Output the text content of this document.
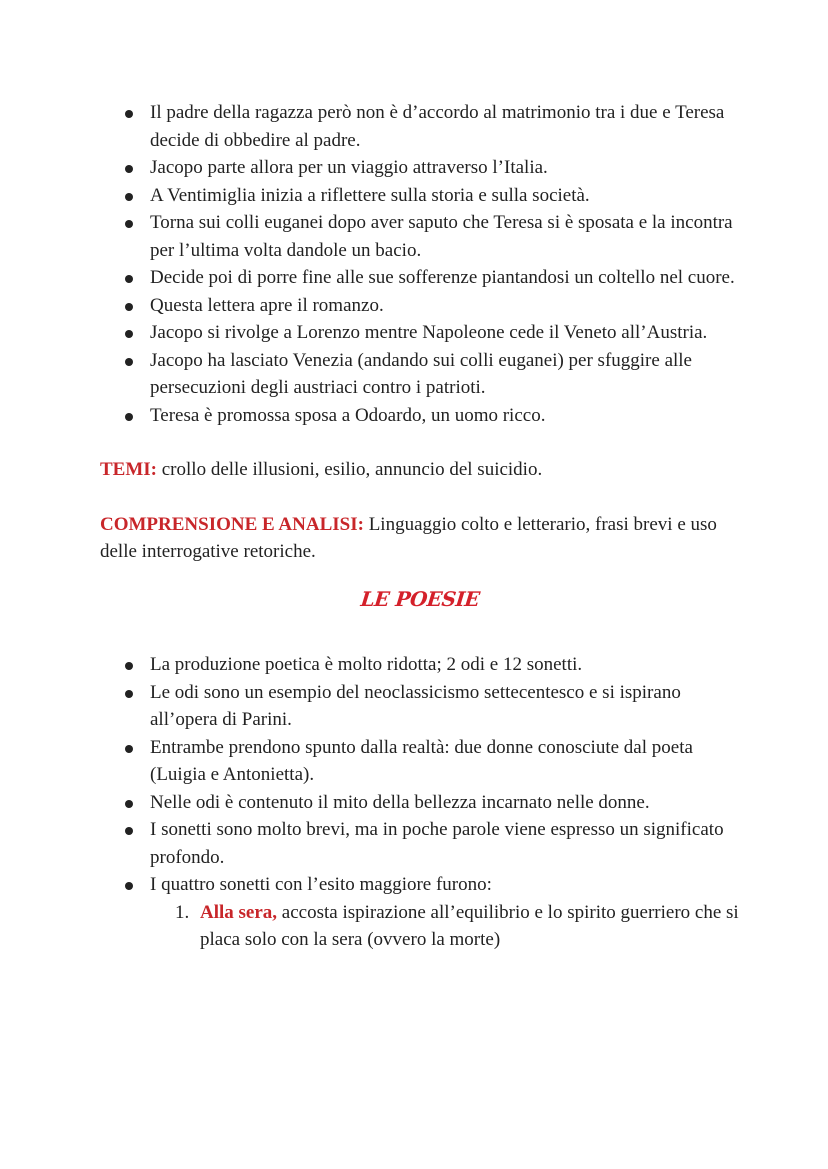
Il padre della ragazza però non è d’accordo al matrimonio tra i due e Teresa decide di obbedire al padre.
Jacopo parte allora per un viaggio attraverso l’Italia.
A Ventimiglia inizia a riflettere sulla storia e sulla società.
Torna sui colli euganei dopo aver saputo che Teresa si è sposata e la incontra per l’ultima volta dandole un bacio.
Decide poi di porre fine alle sue sofferenze piantandosi un coltello nel cuore.
Questa lettera apre il romanzo.
Jacopo si rivolge a Lorenzo mentre Napoleone cede il Veneto all’Austria.
Jacopo ha lasciato Venezia (andando sui colli euganei) per sfuggire alle persecuzioni degli austriaci contro i patrioti.
Teresa è promossa sposa a Odoardo, un uomo ricco.

TEMI: crollo delle illusioni, esilio, annuncio del suicidio.

COMPRENSIONE E ANALISI: Linguaggio colto e letterario, frasi brevi e uso delle interrogative retoriche.

LE POESIE
La produzione poetica è molto ridotta; 2 odi e 12 sonetti.
Le odi sono un esempio del neoclassicismo settecentesco e si ispirano all’opera di Parini.
Entrambe prendono spunto dalla realtà: due donne conosciute dal poeta (Luigia e Antonietta).
Nelle odi è contenuto il mito della bellezza incarnato nelle donne.
I sonetti sono molto brevi, ma in poche parole viene espresso un significato profondo.
I quattro sonetti con l’esito maggiore furono:
1. Alla sera, accosta ispirazione all’equilibrio e lo spirito guerriero che si placa solo con la sera (ovvero la morte)
